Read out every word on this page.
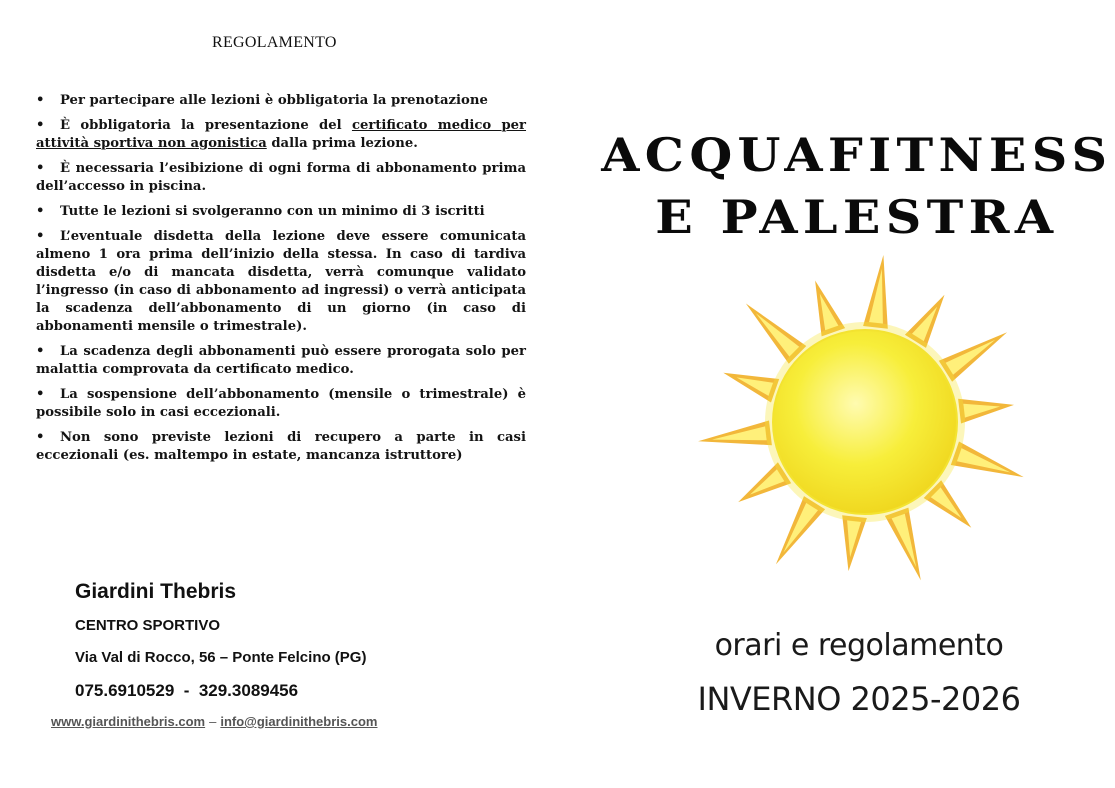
REGOLAMENTO
• Per partecipare alle lezioni è obbligatoria la prenotazione
• È obbligatoria la presentazione del certificato medico per attività sportiva non agonistica dalla prima lezione.
• È necessaria l’esibizione di ogni forma di abbonamento prima dell’accesso in piscina.
• Tutte le lezioni si svolgeranno con un minimo di 3 iscritti
• L’eventuale disdetta della lezione deve essere comunicata almeno 1 ora prima dell’inizio della stessa. In caso di tardiva disdetta e/o di mancata disdetta, verrà comunque validato l’ingresso (in caso di abbonamento ad ingressi) o verrà anticipata la scadenza dell’abbonamento di un giorno (in caso di abbonamenti mensile o trimestrale).
• La scadenza degli abbonamenti può essere prorogata solo per malattia comprovata da certificato medico.
• La sospensione dell’abbonamento (mensile o trimestrale) è possibile solo in casi eccezionali.
• Non sono previste lezioni di recupero a parte in casi eccezionali (es. maltempo in estate, mancanza istruttore)
Giardini Thebris
CENTRO SPORTIVO
Via Val di Rocco, 56 – Ponte Felcino (PG)
075.6910529  -  329.3089456
www.giardinithebris.com – info@giardinithebris.com
ACQUAFITNESS
E PALESTRA
orari e regolamento
INVERNO 2025-2026
